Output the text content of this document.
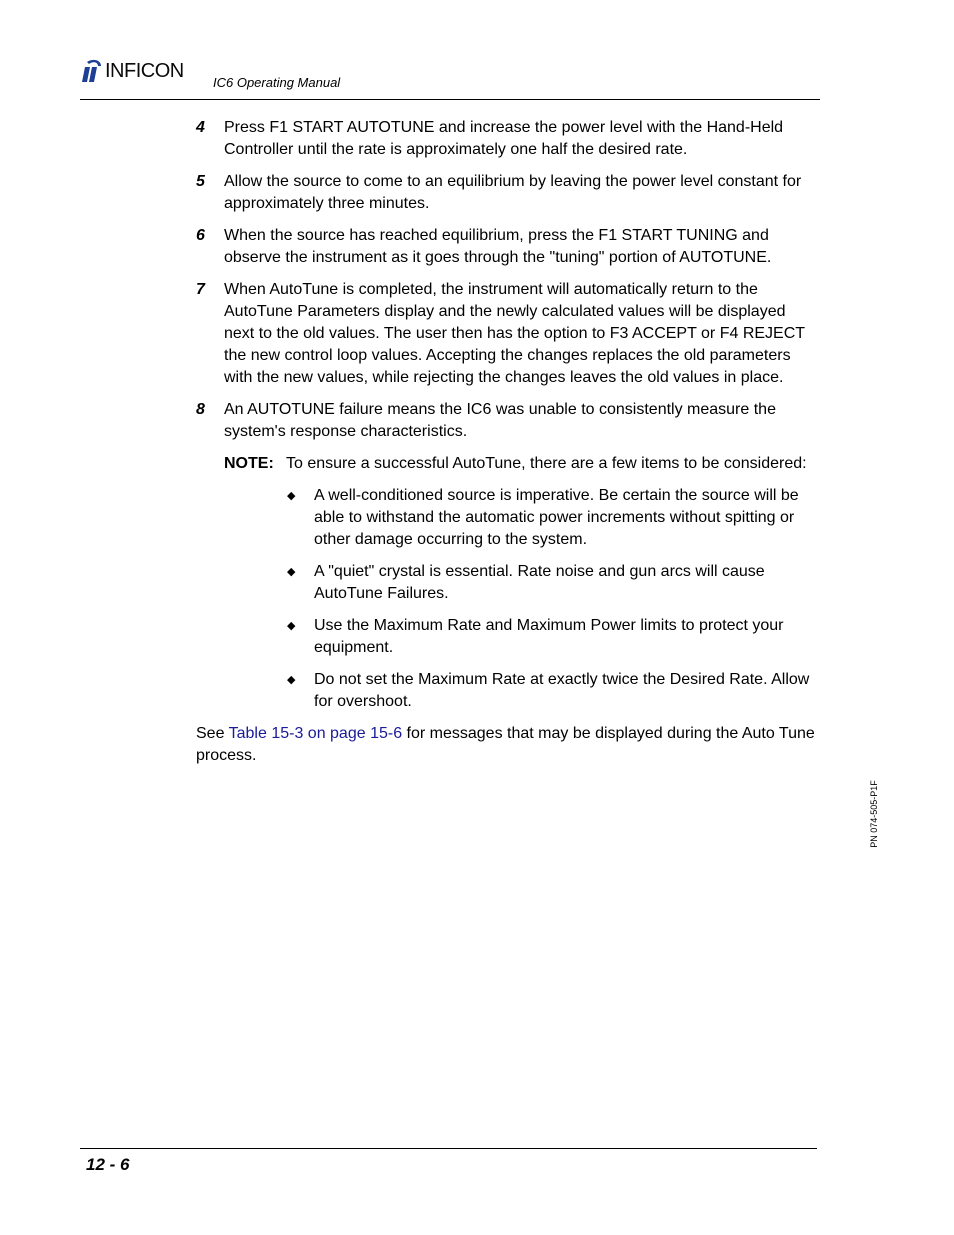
INFICON
IC6 Operating Manual
4	Press F1 START AUTOTUNE and increase the power level with the Hand-Held Controller until the rate is approximately one half the desired rate.
5	Allow the source to come to an equilibrium by leaving the power level constant for approximately three minutes.
6	When the source has reached equilibrium, press the F1 START TUNING and observe the instrument as it goes through the "tuning" portion of AUTOTUNE.
7	When AutoTune is completed, the instrument will automatically return to the AutoTune Parameters display and the newly calculated values will be displayed next to the old values. The user then has the option to F3 ACCEPT or F4 REJECT the new control loop values. Accepting the changes replaces the old parameters with the new values, while rejecting the changes leaves the old values in place.
8	An AUTOTUNE failure means the IC6 was unable to consistently measure the system's response characteristics.
NOTE: To ensure a successful AutoTune, there are a few items to be considered:
◆	A well-conditioned source is imperative. Be certain the source will be able to withstand the automatic power increments without spitting or other damage occurring to the system.
◆	A "quiet" crystal is essential. Rate noise and gun arcs will cause AutoTune Failures.
◆	Use the Maximum Rate and Maximum Power limits to protect your equipment.
◆	Do not set the Maximum Rate at exactly twice the Desired Rate. Allow for overshoot.
See Table 15-3 on page 15-6 for messages that may be displayed during the Auto Tune process.
PN 074-505-P1F
12 - 6
